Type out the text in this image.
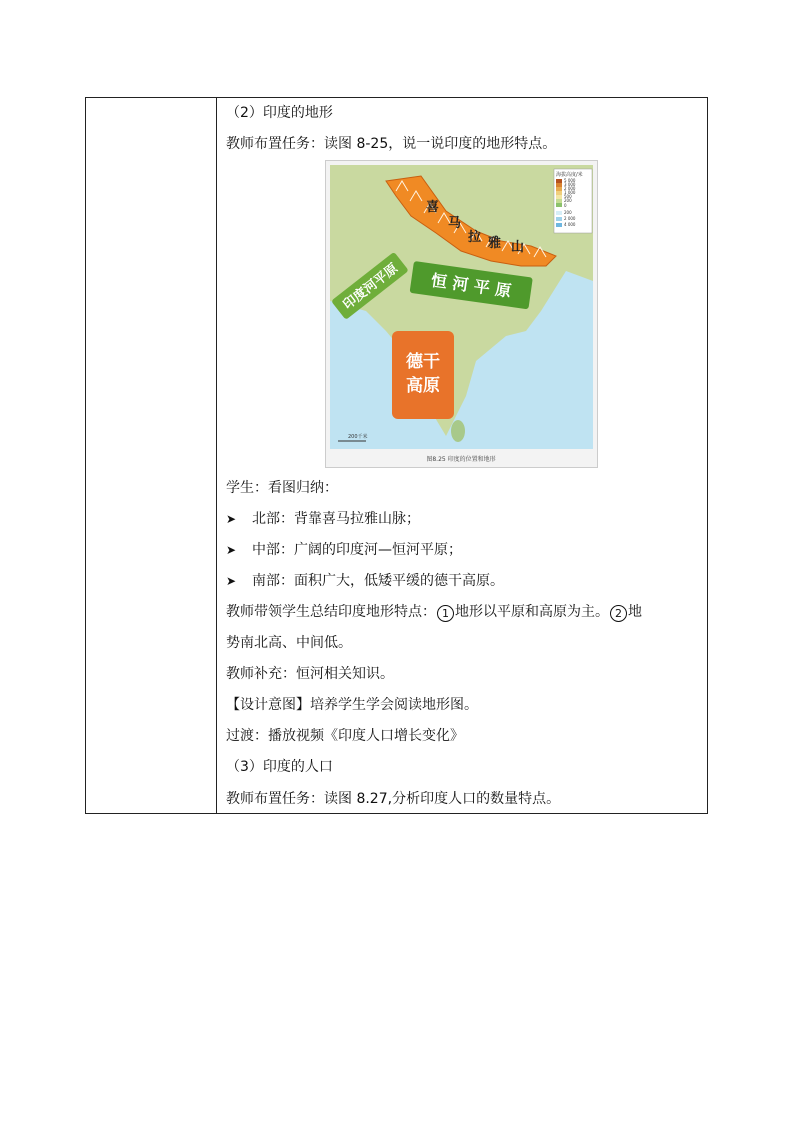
（2）印度的地形
教师布置任务：读图 8-25，说一说印度的地形特点。
学生：看图归纳：
➤ 北部：背靠喜马拉雅山脉；
➤ 中部：广阔的印度河—恒河平原；
➤ 南部：面积广大，低矮平缓的德干高原。
教师带领学生总结印度地形特点： 1 地形以平原和高原为主。 2 地
势南北高、中间低。
教师补充：恒河相关知识。
【设计意图】培养学生学会阅读地形图。
过渡：播放视频《印度人口增长变化》
（3）印度的人口
教师布置任务：读图 8.27,分析印度人口的数量特点。
喜
马
拉 雅 山
印度河平原 恒 河 平 原
德干
高原
海拔高度/米
5 000
3 000
2 000
1 000
500
200
0
200
2 000
4 000
200千米
图8.25 印度的位置和地形
